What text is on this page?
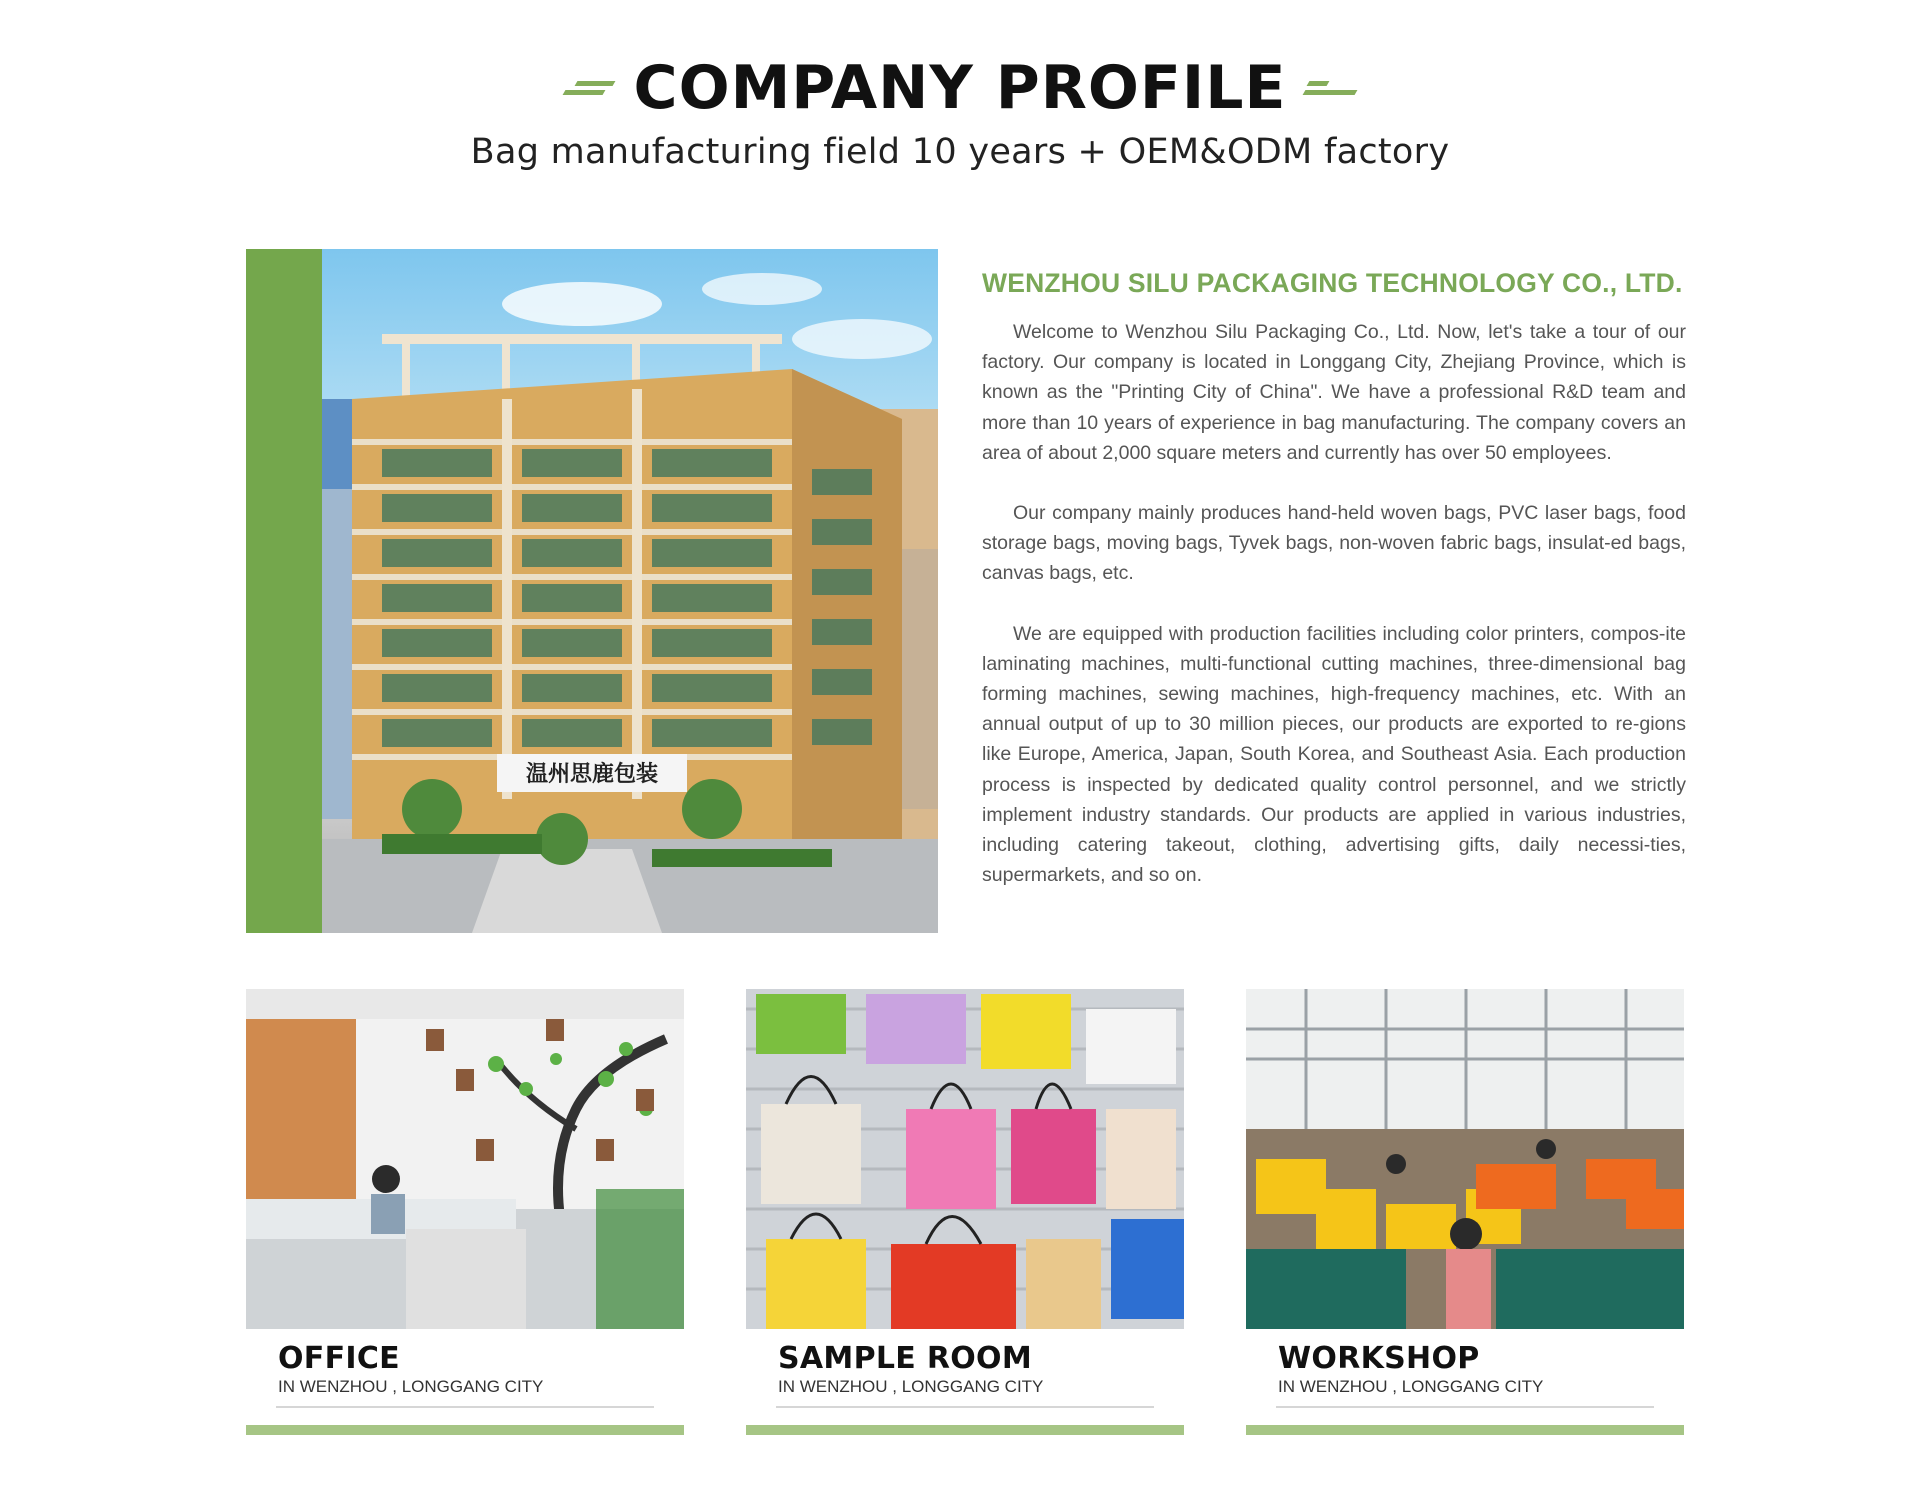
COMPANY PROFILE
Bag manufacturing field 10 years + OEM&ODM factory
温州思鹿包装
WENZHOU SILU PACKAGING TECHNOLOGY CO., LTD.

Welcome to Wenzhou Silu Packaging Co., Ltd. Now, let's take a tour of our factory. Our company is located in Longgang City, Zhejiang Province, which is known as the "Printing City of China". We have a professional R&D team and more than 10 years of experience in bag manufacturing. The company covers an area of about 2,000 square meters and currently has over 50 employees.

Our company mainly produces hand-held woven bags, PVC laser bags, food storage bags, moving bags, Tyvek bags, non-woven fabric bags, insulat-ed bags, canvas bags, etc.

We are equipped with production facilities including color printers, compos-ite laminating machines, multi-functional cutting machines, three-dimensional bag forming machines, sewing machines, high-frequency machines, etc. With an annual output of up to 30 million pieces, our products are exported to re-gions like Europe, America, Japan, South Korea, and Southeast Asia. Each production process is inspected by dedicated quality control personnel, and we strictly implement industry standards. Our products are applied in various industries, including catering takeout, clothing, advertising gifts, daily necessi-ties, supermarkets, and so on.

OFFICE
IN WENZHOU , LONGGANG CITY
SAMPLE ROOM
IN WENZHOU , LONGGANG CITY
WORKSHOP
IN WENZHOU , LONGGANG CITY
